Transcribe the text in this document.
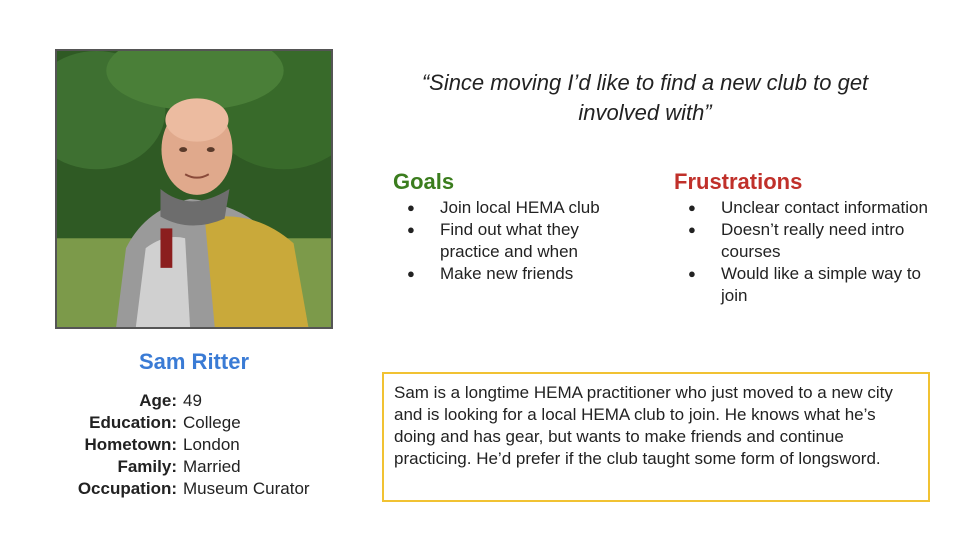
Sam Ritter
Age: 49
Education: College
Hometown: London
Family: Married
Occupation: Museum Curator
“Since moving I’d like to find a new club to get involved with”
Goals
● Join local HEMA club
● Find out what they practice and when
● Make new friends
Frustrations
● Unclear contact information
● Doesn’t really need intro courses
● Would like a simple way to join
Sam is a longtime HEMA practitioner who just moved to a new city and is looking for a local HEMA club to join. He knows what he’s doing and has gear, but wants to make friends and continue practicing. He’d prefer if the club taught some form of longsword.
